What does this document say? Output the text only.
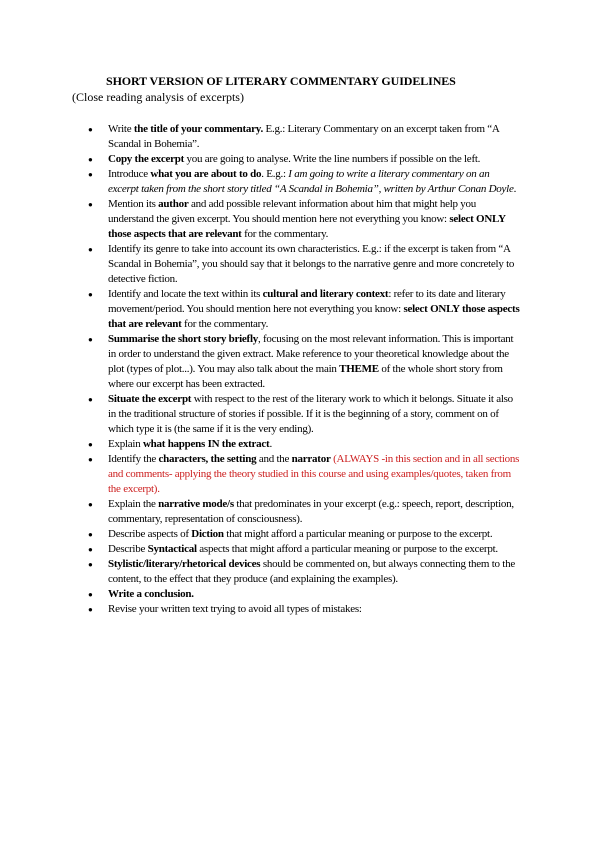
SHORT VERSION OF LITERARY COMMENTARY GUIDELINES
(Close reading analysis of excerpts)
● Write the title of your commentary. E.g.: Literary Commentary on an excerpt taken from “A Scandal in Bohemia”.
● Copy the excerpt you are going to analyse. Write the line numbers if possible on the left.
● Introduce what you are about to do. E.g.: I am going to write a literary commentary on an excerpt taken from the short story titled “A Scandal in Bohemia”, written by Arthur Conan Doyle.
● Mention its author and add possible relevant information about him that might help you understand the given excerpt. You should mention here not everything you know: select ONLY those aspects that are relevant for the commentary.
● Identify its genre to take into account its own characteristics. E.g.: if the excerpt is taken from “A Scandal in Bohemia”, you should say that it belongs to the narrative genre and more concretely to detective fiction.
● Identify and locate the text within its cultural and literary context: refer to its date and literary movement/period. You should mention here not everything you know: select ONLY those aspects that are relevant for the commentary.
● Summarise the short story briefly, focusing on the most relevant information. This is important in order to understand the given extract. Make reference to your theoretical knowledge about the plot (types of plot...). You may also talk about the main THEME of the whole short story from where our excerpt has been extracted.
● Situate the excerpt with respect to the rest of the literary work to which it belongs. Situate it also in the traditional structure of stories if possible. If it is the beginning of a story, comment on of which type it is (the same if it is the very ending).
● Explain what happens IN the extract.
● Identify the characters, the setting and the narrator (ALWAYS -in this section and in all sections and comments- applying the theory studied in this course and using examples/quotes, taken from the excerpt).
● Explain the narrative mode/s that predominates in your excerpt (e.g.: speech, report, description, commentary, representation of consciousness).
● Describe aspects of Diction that might afford a particular meaning or purpose to the excerpt.
● Describe Syntactical aspects that might afford a particular meaning or purpose to the excerpt.
● Stylistic/literary/rhetorical devices should be commented on, but always connecting them to the content, to the effect that they produce (and explaining the examples).
● Write a conclusion.
● Revise your written text trying to avoid all types of mistakes:
